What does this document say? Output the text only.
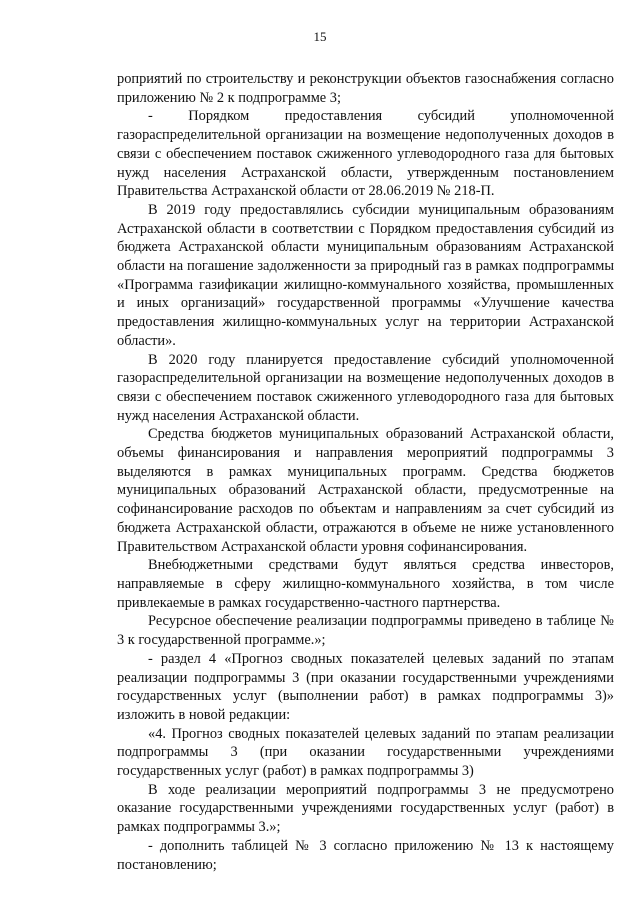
15

роприятий по строительству и реконструкции объектов газоснабжения согласно приложению № 2 к подпрограмме 3;

- Порядком предоставления субсидий уполномоченной газораспределительной организации на возмещение недополученных доходов в связи с обеспечением поставок сжиженного углеводородного газа для бытовых нужд населения Астраханской области, утвержденным постановлением Правительства Астраханской области от 28.06.2019 № 218-П.

В 2019 году предоставлялись субсидии муниципальным образованиям Астраханской области в соответствии с Порядком предоставления субсидий из бюджета Астраханской области муниципальным образованиям Астраханской области на погашение задолженности за природный газ в рамках подпрограммы «Программа газификации жилищно-коммунального хозяйства, промышленных и иных организаций» государственной программы «Улучшение качества предоставления жилищно-коммунальных услуг на территории Астраханской области».

В 2020 году планируется предоставление субсидий уполномоченной газораспределительной организации на возмещение недополученных доходов в связи с обеспечением поставок сжиженного углеводородного газа для бытовых нужд населения Астраханской области.

Средства бюджетов муниципальных образований Астраханской области, объемы финансирования и направления мероприятий подпрограммы 3 выделяются в рамках муниципальных программ. Средства бюджетов муниципальных образований Астраханской области, предусмотренные на софинансирование расходов по объектам и направлениям за счет субсидий из бюджета Астраханской области, отражаются в объеме не ниже установленного Правительством Астраханской области уровня софинансирования.

Внебюджетными средствами будут являться средства инвесторов, направляемые в сферу жилищно-коммунального хозяйства, в том числе привлекаемые в рамках государственно-частного партнерства.

Ресурсное обеспечение реализации подпрограммы приведено в таблице № 3 к государственной программе.»;

- раздел 4 «Прогноз сводных показателей целевых заданий по этапам реализации подпрограммы 3 (при оказании государственными учреждениями государственных услуг (выполнении работ) в рамках подпрограммы 3)» изложить в новой редакции:

«4. Прогноз сводных показателей целевых заданий по этапам реализации подпрограммы 3 (при оказании государственными учреждениями государственных услуг (работ) в рамках подпрограммы 3)

В ходе реализации мероприятий подпрограммы 3 не предусмотрено оказание государственными учреждениями государственных услуг (работ) в рамках подпрограммы 3.»;

- дополнить таблицей № 3 согласно приложению № 13 к настоящему постановлению;
